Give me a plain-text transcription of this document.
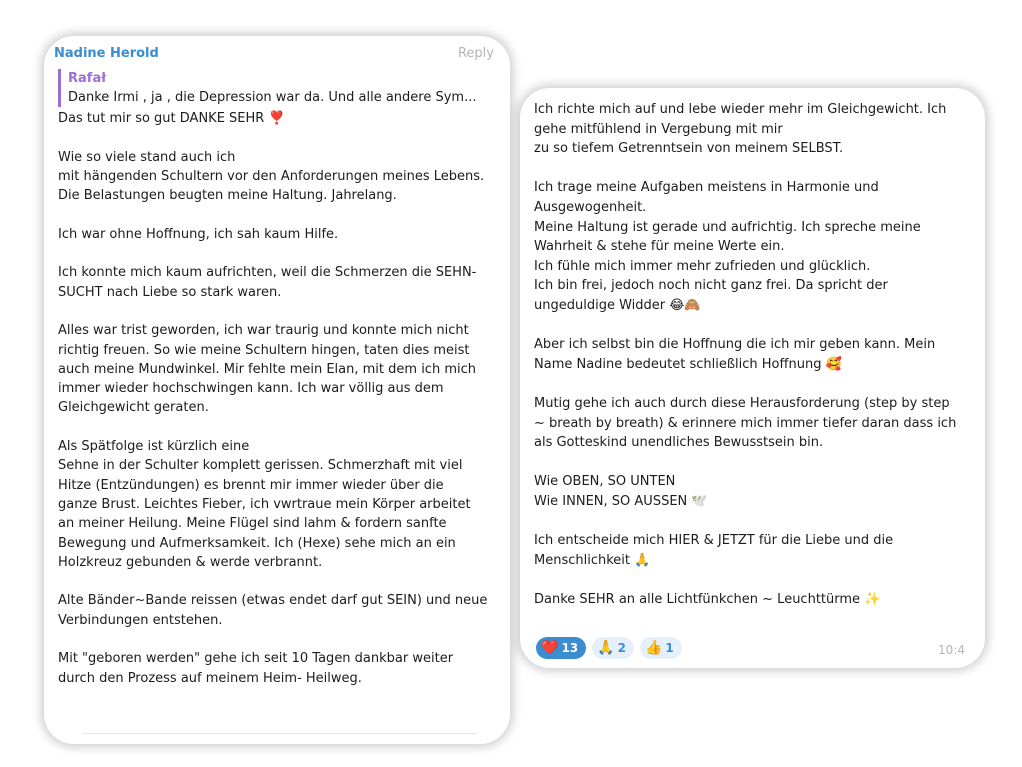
Nadine Herold	Reply
Rafał
Danke Irmi , ja , die Depression war da. Und alle andere Sym...
Das tut mir so gut DANKE SEHR ❣️
Wie so viele stand auch ich
mit hängenden Schultern vor den Anforderungen meines Lebens.
Die Belastungen beugten meine Haltung. Jahrelang.
Ich war ohne Hoffnung, ich sah kaum Hilfe.
Ich konnte mich kaum aufrichten, weil die Schmerzen die SEHN-
SUCHT nach Liebe so stark waren.
Alles war trist geworden, ich war traurig und konnte mich nicht
richtig freuen. So wie meine Schultern hingen, taten dies meist
auch meine Mundwinkel. Mir fehlte mein Elan, mit dem ich mich
immer wieder hochschwingen kann. Ich war völlig aus dem
Gleichgewicht geraten.
Als Spätfolge ist kürzlich eine
Sehne in der Schulter komplett gerissen. Schmerzhaft mit viel
Hitze (Entzündungen) es brennt mir immer wieder über die
ganze Brust. Leichtes Fieber, ich vwrtraue mein Körper arbeitet
an meiner Heilung. Meine Flügel sind lahm & fordern sanfte
Bewegung und Aufmerksamkeit. Ich (Hexe) sehe mich an ein
Holzkreuz gebunden & werde verbrannt.
Alte Bänder~Bande reissen (etwas endet darf gut SEIN) und neue
Verbindungen entstehen.
Mit "geboren werden" gehe ich seit 10 Tagen dankbar weiter
durch den Prozess auf meinem Heim- Heilweg.
Ich richte mich auf und lebe wieder mehr im Gleichgewicht. Ich
gehe mitfühlend in Vergebung mit mir
zu so tiefem Getrenntsein von meinem SELBST.
Ich trage meine Aufgaben meistens in Harmonie und
Ausgewogenheit.
Meine Haltung ist gerade und aufrichtig. Ich spreche meine
Wahrheit & stehe für meine Werte ein.
Ich fühle mich immer mehr zufrieden und glücklich.
Ich bin frei, jedoch noch nicht ganz frei. Da spricht der
ungeduldige Widder 😂🙈
Aber ich selbst bin die Hoffnung die ich mir geben kann. Mein
Name Nadine bedeutet schließlich Hoffnung 🥰
Mutig gehe ich auch durch diese Herausforderung (step by step
~ breath by breath) & erinnere mich immer tiefer daran dass ich
als Gotteskind unendliches Bewusstsein bin.
Wie OBEN, SO UNTEN
Wie INNEN, SO AUSSEN 🕊️
Ich entscheide mich HIER & JETZT für die Liebe und die
Menschlichkeit 🙏
Danke SEHR an alle Lichtfünkchen ~ Leuchttürme ✨
❤️ 13 🙏 2 👍 1	10:4
